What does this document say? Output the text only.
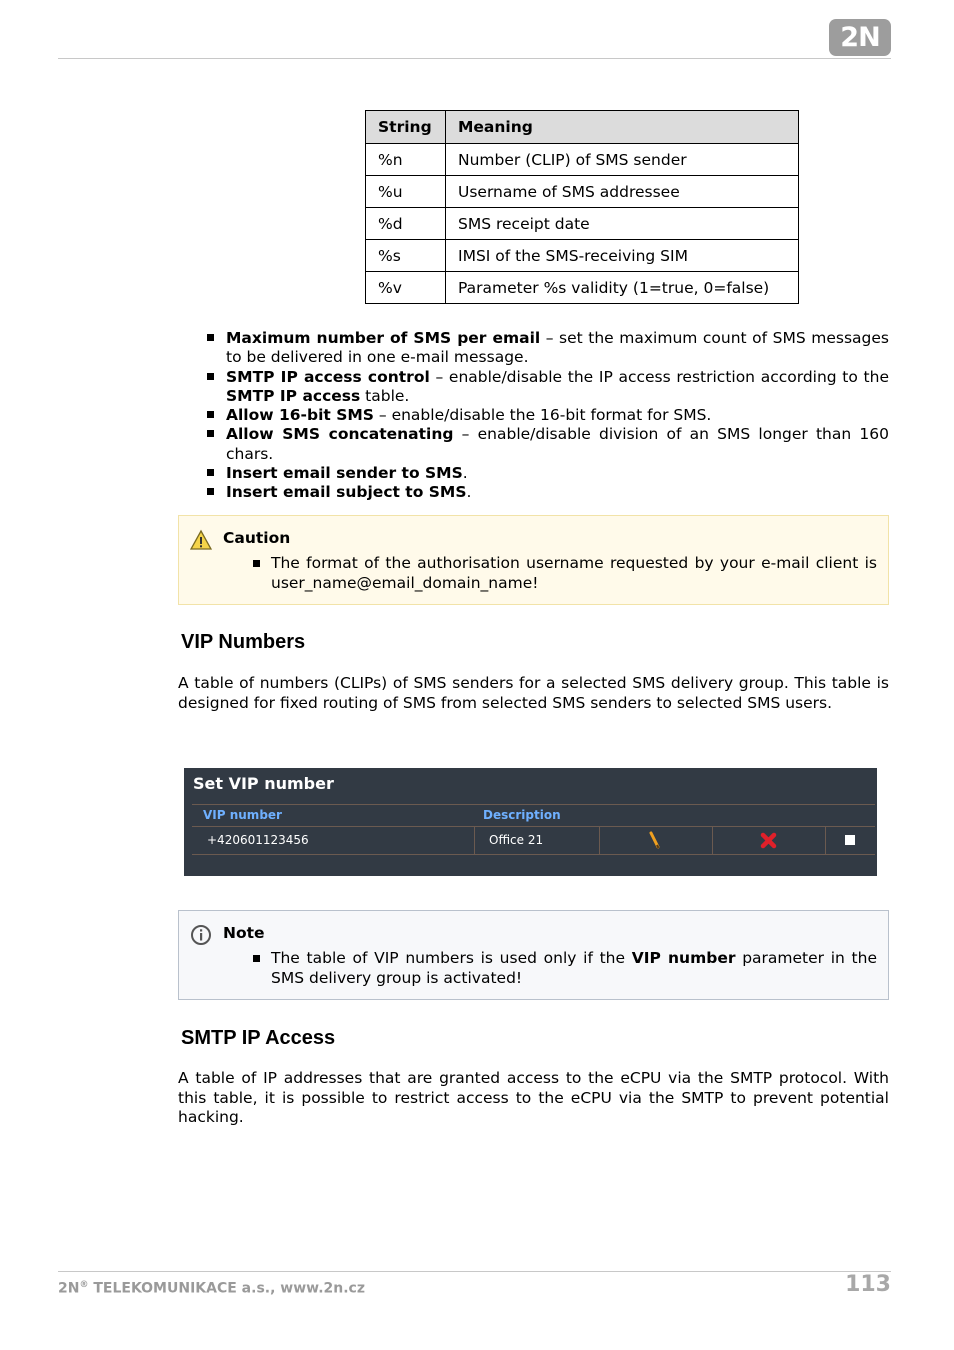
2N
String	Meaning
%n	Number (CLIP) of SMS sender
%u	Username of SMS addressee
%d	SMS receipt date
%s	IMSI of the SMS-receiving SIM
%v	Parameter %s validity (1=true, 0=false)
Maximum number of SMS per email – set the maximum count of SMS messages to be delivered in one e-mail message.
SMTP IP access control – enable/disable the IP access restriction according to the SMTP IP access table.
Allow 16-bit SMS – enable/disable the 16-bit format for SMS.
Allow SMS concatenating – enable/disable division of an SMS longer than 160 chars.
Insert email sender to SMS.
Insert email subject to SMS.
Caution
The format of the authorisation username requested by your e-mail client is user_name@email_domain_name!
VIP Numbers

A table of numbers (CLIPs) of SMS senders for a selected SMS delivery group. This table is designed for fixed routing of SMS from selected SMS senders to selected SMS users.

Set VIP number
VIP number	Description
+420601123456	Office 21
Note
The table of VIP numbers is used only if the VIP number parameter in the SMS delivery group is activated!
SMTP IP Access

A table of IP addresses that are granted access to the eCPU via the SMTP protocol. With this table, it is possible to restrict access to the eCPU via the SMTP to prevent potential hacking.

2N® TELEKOMUNIKACE a.s., www.2n.cz	113
